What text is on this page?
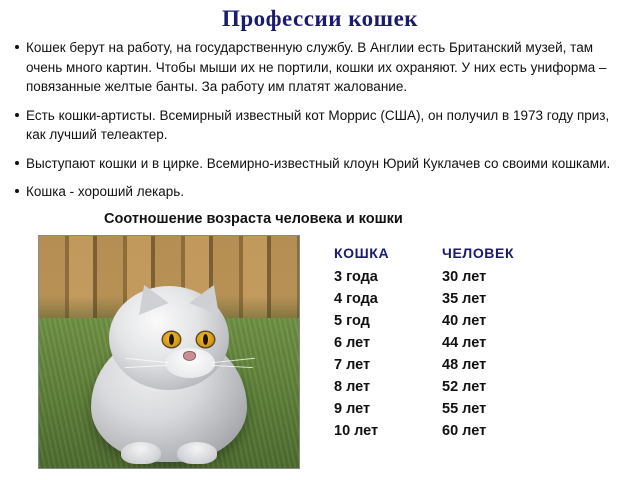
Профессии кошек
Кошек берут на работу, на государственную службу. В Англии есть Британский музей, там очень много картин. Чтобы мыши их не портили, кошки их охраняют. У них есть униформа – повязанные желтые банты. За работу им платят жалование.
Есть кошки-артисты. Всемирный известный кот Моррис (США), он получил в 1973 году приз, как лучший телеактер.
Выступают кошки и в цирке. Всемирно-известный клоун Юрий Куклачев со своими кошками.
Кошка - хороший лекарь.
Соотношение возраста человека и кошки
КОШКА	ЧЕЛОВЕК
3 года	30 лет
4 года	35 лет
5 год	40 лет
6 лет	44 лет
7 лет	48 лет
8 лет	52 лет
9 лет	55 лет
10 лет	60 лет
